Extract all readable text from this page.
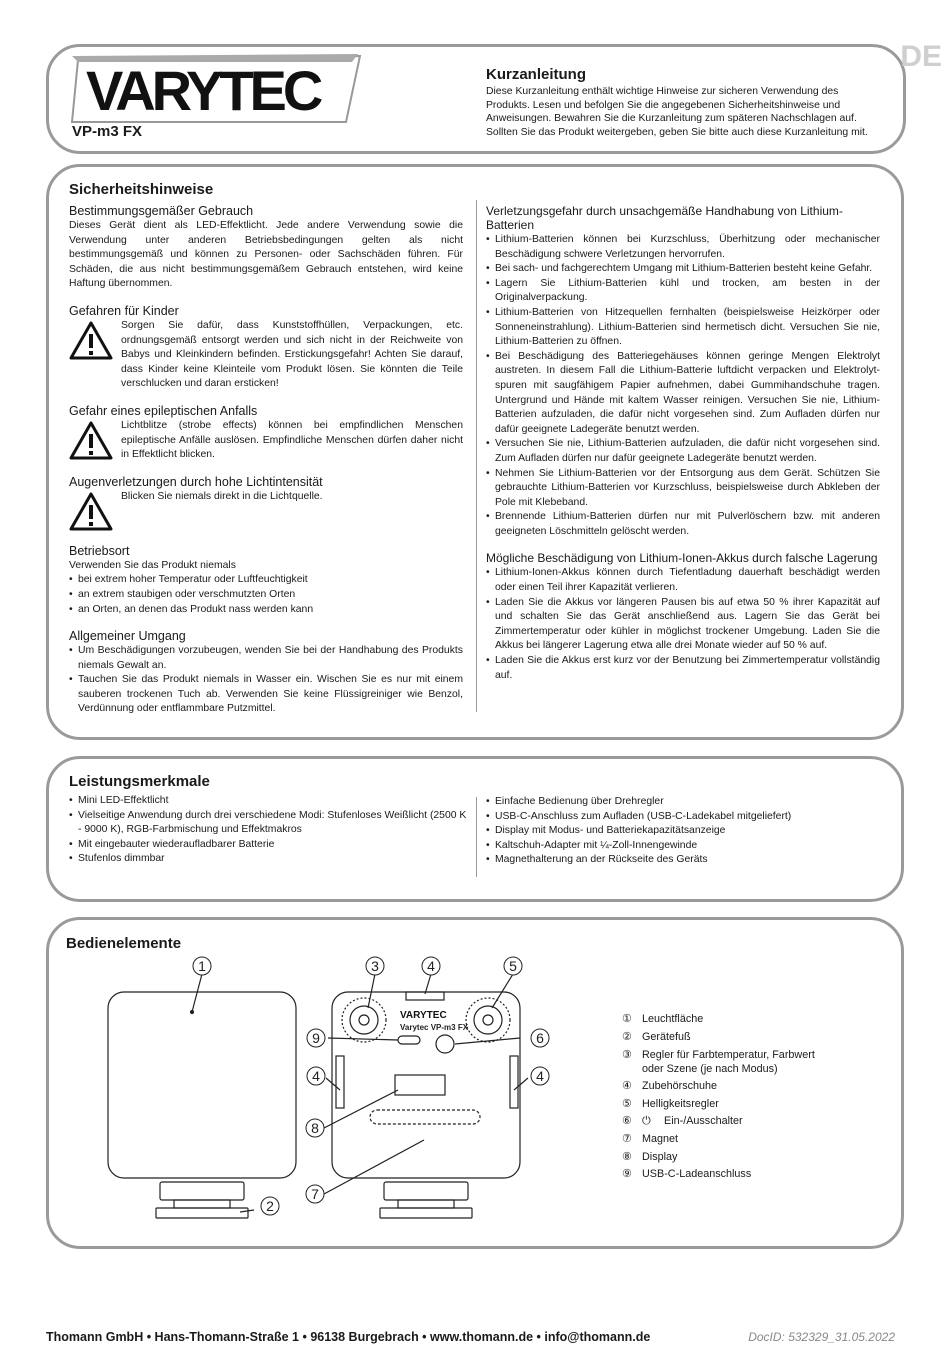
DE
VARYTEC
VP-m3 FX
Kurzanleitung

Diese Kurzanleitung enthält wichtige Hinweise zur sicheren Verwendung des Produkts. Lesen und befolgen Sie die angegebenen Sicherheitshinweise und Anweisungen. Bewahren Sie die Kurzanleitung zum späteren Nachschlagen auf. Sollten Sie das Produkt weitergeben, geben Sie bitte auch diese Kurzanleitung mit.

Sicherheitshinweise
Bestimmungsgemäßer Gebrauch

Dieses Gerät dient als LED-Effektlicht. Jede andere Verwendung sowie die Verwendung unter anderen Betriebsbedingungen gelten als nicht bestimmungsgemäß und können zu Personen- oder Sachschäden führen. Für Schäden, die aus nicht bestimmungsgemäßem Gebrauch entstehen, wird keine Haftung übernommen.

Gefahren für Kinder

Sorgen Sie dafür, dass Kunststoffhüllen, Verpackungen, etc. ordnungsgemäß entsorgt werden und sich nicht in der Reichweite von Babys und Kleinkindern befinden. Erstickungsgefahr! Achten Sie darauf, dass Kinder keine Kleinteile vom Produkt lösen. Sie könnten die Teile verschlucken und daran ersticken!

Gefahr eines epileptischen Anfalls

Lichtblitze (strobe effects) können bei empfindlichen Menschen epileptische Anfälle auslösen. Empfindliche Menschen dürfen daher nicht in Effektlicht blicken.

Augenverletzungen durch hohe Lichtintensität

Blicken Sie niemals direkt in die Lichtquelle.

Betriebsort

Verwenden Sie das Produkt niemals

• bei extrem hoher Temperatur oder Luftfeuchtigkeit
• an extrem staubigen oder verschmutzten Orten
• an Orten, an denen das Produkt nass werden kann
Allgemeiner Umgang
• Um Beschädigungen vorzubeugen, wenden Sie bei der Handhabung des Produkts niemals Gewalt an.
• Tauchen Sie das Produkt niemals in Wasser ein. Wischen Sie es nur mit einem sauberen trockenen Tuch ab. Verwenden Sie keine Flüssigreiniger wie Benzol, Verdünnung oder entflammbare Putzmittel.
Verletzungsgefahr durch unsachgemäße Handhabung von Lithium-Batterien
• Lithium-Batterien können bei Kurzschluss, Überhitzung oder mechanischer Beschädigung schwere Verletzungen hervorrufen.
• Bei sach- und fachgerechtem Umgang mit Lithium-Batterien besteht keine Gefahr.
• Lagern Sie Lithium-Batterien kühl und trocken, am besten in der Originalverpackung.
• Lithium-Batterien von Hitzequellen fernhalten (beispielsweise Heizkörper oder Sonneneinstrahlung). Lithium-Batterien sind hermetisch dicht. Versuchen Sie nie, Lithium-Batterien zu öffnen.
• Bei Beschädigung des Batteriegehäuses können geringe Mengen Elektrolyt austreten. In diesem Fall die Lithium-Batterie luftdicht verpacken und Elektrolyt- spuren mit saugfähigem Papier aufnehmen, dabei Gummihandschuhe tragen. Untergrund und Hände mit kaltem Wasser reinigen. Versuchen Sie nie, Lithium-Batterien aufzuladen, die dafür nicht vorgesehen sind. Zum Aufladen dürfen nur dafür geeignete Ladegeräte benutzt werden.
• Versuchen Sie nie, Lithium-Batterien aufzuladen, die dafür nicht vorgesehen sind. Zum Aufladen dürfen nur dafür geeignete Ladegeräte benutzt werden.
• Nehmen Sie Lithium-Batterien vor der Entsorgung aus dem Gerät. Schützen Sie gebrauchte Lithium-Batterien vor Kurzschluss, beispielsweise durch Abkleben der Pole mit Klebeband.
• Brennende Lithium-Batterien dürfen nur mit Pulverlöschern bzw. mit anderen geeigneten Löschmitteln gelöscht werden.
Mögliche Beschädigung von Lithium-Ionen-Akkus durch falsche Lagerung
• Lithium-Ionen-Akkus können durch Tiefentladung dauerhaft beschädigt werden oder einen Teil ihrer Kapazität verlieren.
• Laden Sie die Akkus vor längeren Pausen bis auf etwa 50 % ihrer Kapazität auf und schalten Sie das Gerät anschließend aus. Lagern Sie das Gerät bei Zimmertemperatur oder kühler in möglichst trockener Umgebung. Laden Sie die Akkus bei längerer Lagerung etwa alle drei Monate wieder auf 50 % auf.
• Laden Sie die Akkus erst kurz vor der Benutzung bei Zimmertemperatur vollständig auf.
Leistungsmerkmale
• Mini LED-Effektlicht
• Vielseitige Anwendung durch drei verschiedene Modi: Stufenloses Weißlicht (2500 K - 9000 K), RGB-Farbmischung und Effektmakros
• Mit eingebauter wiederaufladbarer Batterie
• Stufenlos dimmbar
• Einfache Bedienung über Drehregler
• USB-C-Anschluss zum Aufladen (USB-C-Ladekabel mitgeliefert)
• Display mit Modus- und Batteriekapazitätsanzeige
• Kaltschuh-Adapter mit ¼-Zoll-Innengewinde
• Magnethalterung an der Rückseite des Geräts
Bedienelemente
Varytec VP-m3 FX
VARYTEC
1
2
3	4	5
4	4
9	6
8
7
① Leuchtfläche
② Gerätefuß
③ Regler für Farbtemperatur, Farbwert oder Szene (je nach Modus)
④ Zubehörschuhe
⑤ Helligkeitsregler
⑥ ⏻	Ein-/Ausschalter
⑦ Magnet
⑧ Display
⑨ USB-C-Ladeanschluss
Thomann GmbH • Hans-Thomann-Straße 1 • 96138 Burgebrach • www.thomann.de • info@thomann.de	DocID: 532329_31.05.2022
